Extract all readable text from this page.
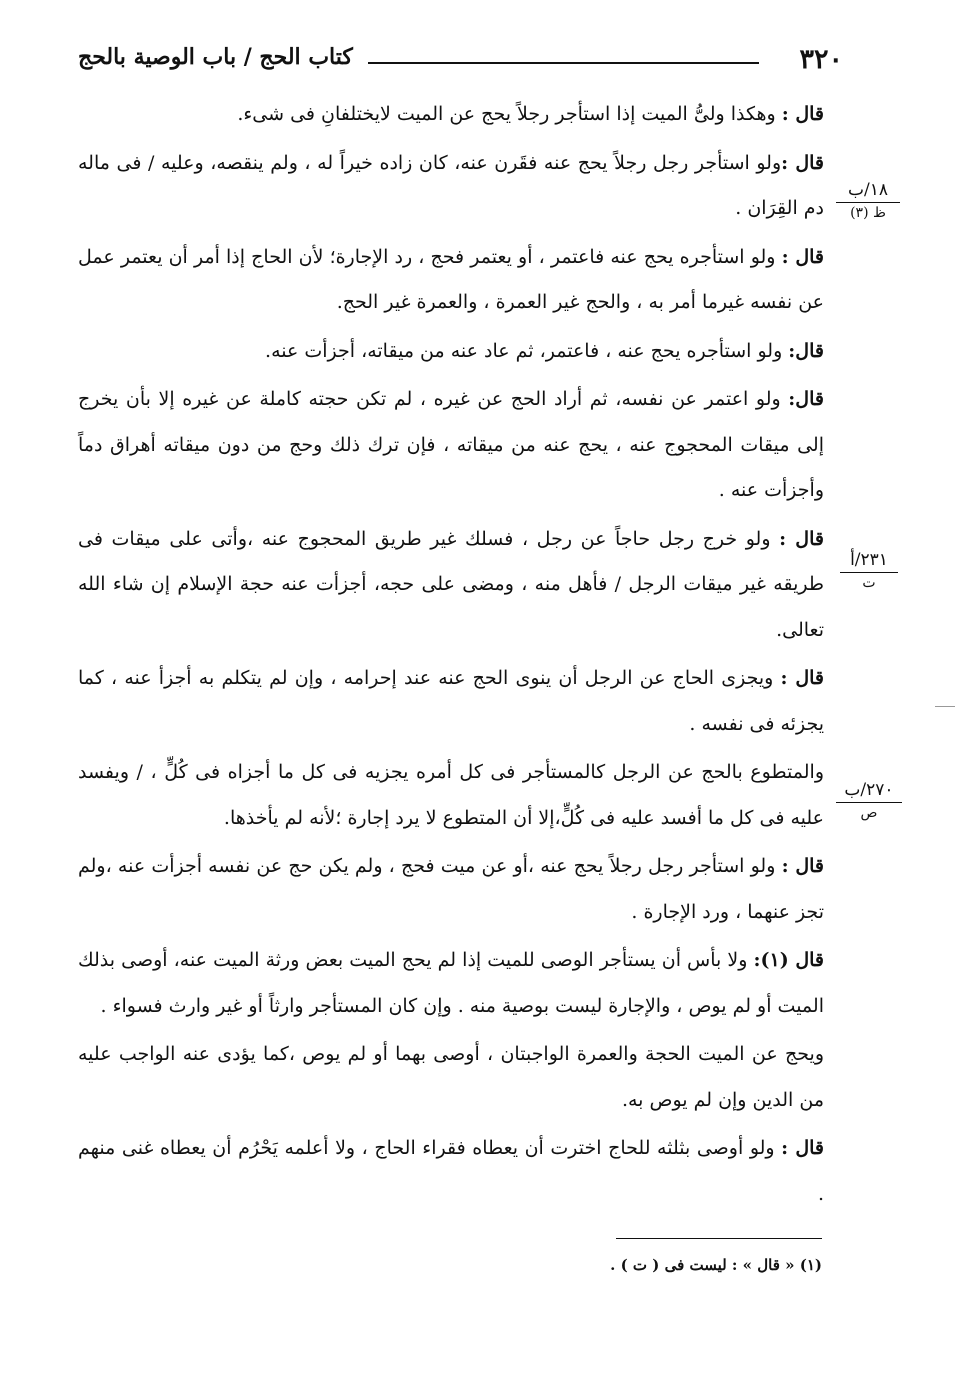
٣٢٠
كتاب الحج / باب الوصية بالحج
١٨/ب
ظ (٣)
٢٣١/أ
ت
٢٧٠/ب
ص

قال : وهكذا ولىُّ الميت إذا استأجر رجلاً يحج عن الميت لايختلفانِ فى شىء.

قال :ولو استأجر رجل رجلاً يحج عنه فقَرن عنه، كان زاده خيراً له ، ولم ينقصه، وعليه / فى ماله دم القِرَان .

قال : ولو استأجره يحج عنه فاعتمر ، أو يعتمر فحج ، رد الإجارة؛ لأن الحاج إذا أمر أن يعتمر عمل عن نفسه غيرما أمر به ، والحج غير العمرة ، والعمرة غير الحج.

قال: ولو استأجره يحج عنه ، فاعتمر، ثم عاد عنه من ميقاته، أجزأت عنه.

قال: ولو اعتمر عن نفسه، ثم أراد الحج عن غيره ، لم تكن حجته كاملة عن غيره إلا بأن يخرج إلى ميقات المحجوج عنه ، يحج عنه من ميقاته ، فإن ترك ذلك وحج من دون ميقاته أهراق دماً وأجزأت عنه .

قال : ولو خرج رجل حاجاً عن رجل ، فسلك غير طريق المحجوج عنه ،وأتى على ميقات فى طريقه غير ميقات الرجل / فأهل منه ، ومضى على حجه، أجزأت عنه حجة الإسلام إن شاء الله تعالى.

قال : ويجزى الحاج عن الرجل أن ينوى الحج عنه عند إحرامه ، وإن لم يتكلم به أجزأ عنه ، كما يجزئه فى نفسه .

والمتطوع بالحج عن الرجل كالمستأجر فى كل أمره يجزيه فى كل ما أجزاه فى كُلٍّ ، / ويفسد عليه فى كل ما أفسد عليه فى كُلٍّ،إلا أن المتطوع لا يرد إجارة ؛لأنه لم يأخذها.

قال : ولو استأجر رجل رجلاً يحج عنه ،أو عن ميت فحج ، ولم يكن حج عن نفسه أجزأت عنه ،ولم تجز عنهما ، ورد الإجارة .

قال (١): ولا بأس أن يستأجر الوصى للميت إذا لم يحج الميت بعض ورثة الميت عنه، أوصى بذلك الميت أو لم يوص ، والإجارة ليست بوصية منه . وإن كان المستأجر وارثاً أو غير وارث فسواء .

ويحج عن الميت الحجة والعمرة الواجبتان ، أوصى بهما أو لم يوص ،كما يؤدى عنه الواجب عليه من الدين وإن لم يوص به.

قال : ولو أوصى بثلثه للحاج اخترت أن يعطاه فقراء الحاج ، ولا أعلمه يَحْرُم أن يعطاه غنى منهم .

(١) « قال » : ليست فى ( ت ) .
